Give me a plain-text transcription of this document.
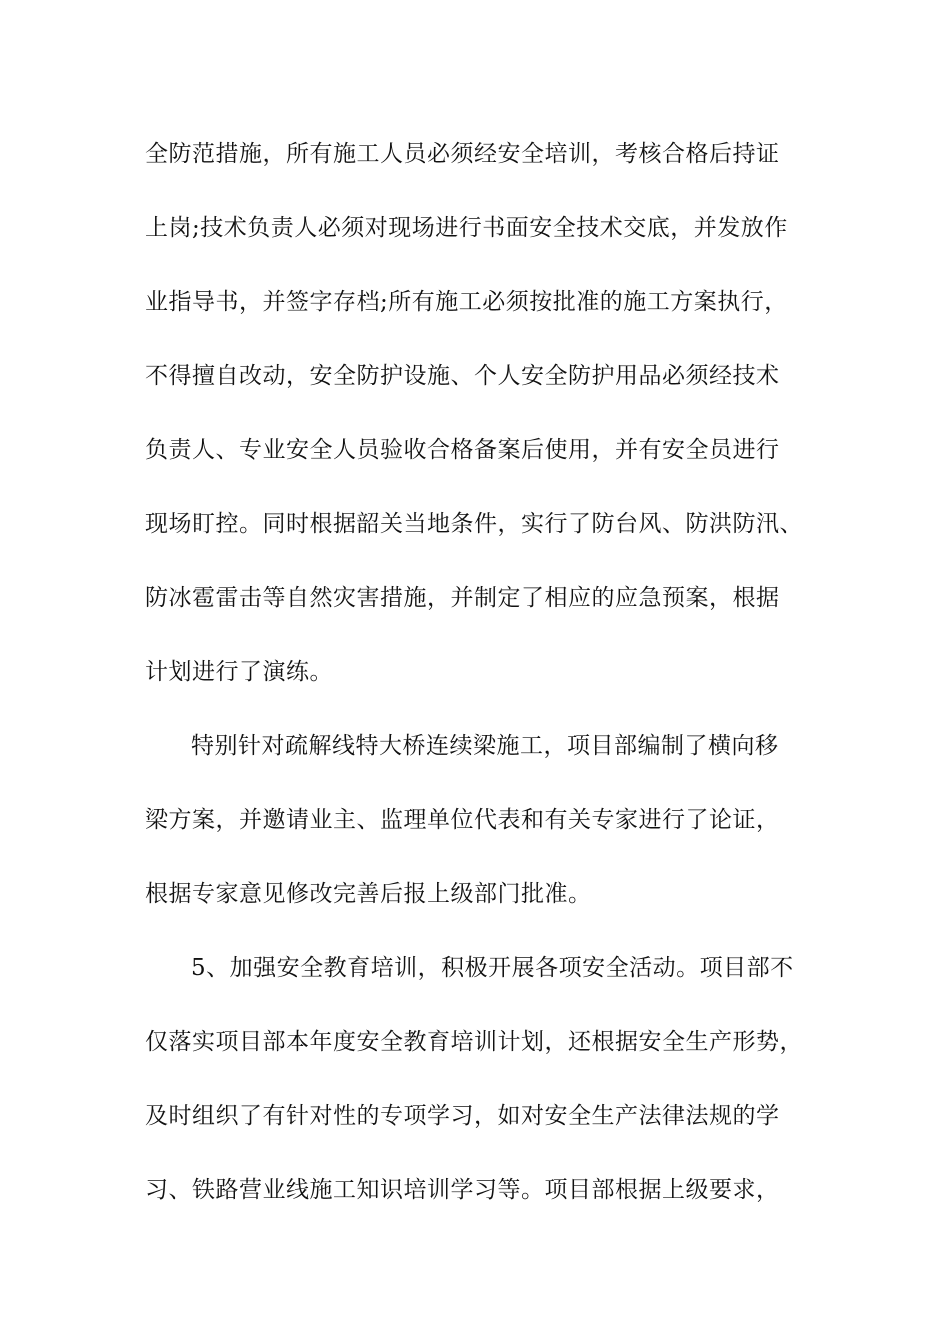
全防范措施，所有施工人员必须经安全培训，考核合格后持证
上岗;技术负责人必须对现场进行书面安全技术交底，并发放作
业指导书，并签字存档;所有施工必须按批准的施工方案执行，
不得擅自改动，安全防护设施、个人安全防护用品必须经技术
负责人、专业安全人员验收合格备案后使用，并有安全员进行
现场盯控。同时根据韶关当地条件，实行了防台风、防洪防汛、
防冰雹雷击等自然灾害措施，并制定了相应的应急预案，根据
计划进行了演练。
特别针对疏解线特大桥连续梁施工，项目部编制了横向移
梁方案，并邀请业主、监理单位代表和有关专家进行了论证，
根据专家意见修改完善后报上级部门批准。
5、加强安全教育培训，积极开展各项安全活动。项目部不
仅落实项目部本年度安全教育培训计划，还根据安全生产形势，
及时组织了有针对性的专项学习，如对安全生产法律法规的学
习、铁路营业线施工知识培训学习等。项目部根据上级要求，
